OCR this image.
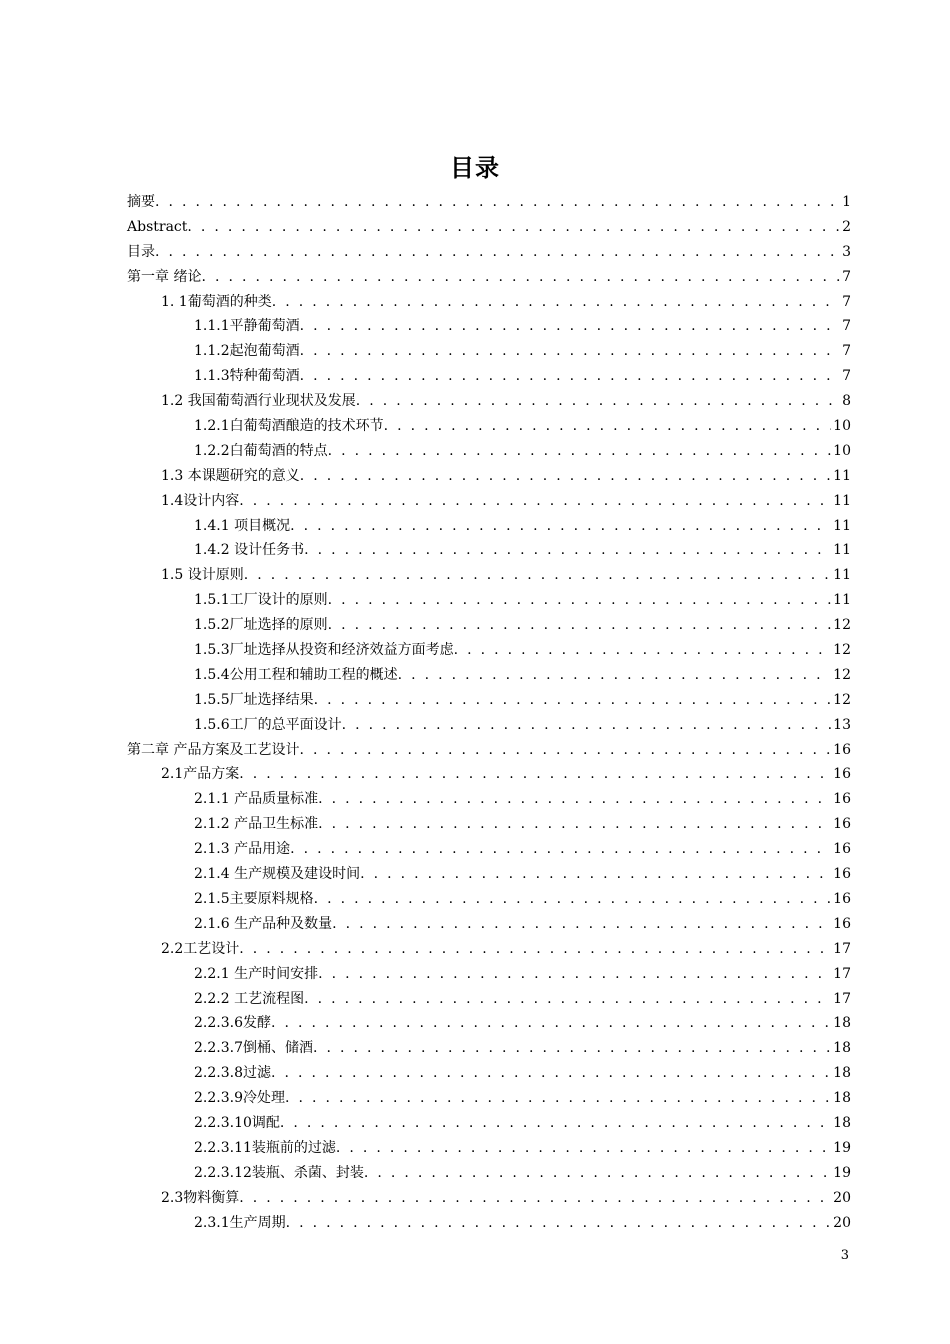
目录
摘要 . . .	1
Abstract . . .	2
目录 . . .	3
第一章 绪论 . . .	7
1. 1葡萄酒的种类 . . .	7
1.1.1平静葡萄酒 . . .	7
1.1.2起泡葡萄酒 . . .	7
1.1.3特种葡萄酒 . . .	7
1.2 我国葡萄酒行业现状及发展 . . .	8
1.2.1白葡萄酒酿造的技术环节 . . .	10
1.2.2白葡萄酒的特点 . . .	10
1.3 本课题研究的意义 . . .	11
1.4设计内容 . . .	11
1.4.1 项目概况 . . .	11
1.4.2 设计任务书 . . .	11
1.5 设计原则 . . .	11
1.5.1工厂设计的原则 . . .	11
1.5.2厂址选择的原则 . . .	12
1.5.3厂址选择从投资和经济效益方面考虑 . . .	12
1.5.4公用工程和辅助工程的概述 . . .	12
1.5.5厂址选择结果 . . .	12
1.5.6工厂的总平面设计 . . .	13
第二章 产品方案及工艺设计 . . .	16
2.1产品方案 . . .	16
2.1.1 产品质量标准 . . .	16
2.1.2 产品卫生标准 . . .	16
2.1.3 产品用途 . . .	16
2.1.4 生产规模及建设时间 . . .	16
2.1.5主要原料规格 . . .	16
2.1.6 生产品种及数量 . . .	16
2.2工艺设计 . . .	17
2.2.1 生产时间安排 . . .	17
2.2.2 工艺流程图 . . .	17
2.2.3.6发酵 . . .	18
2.2.3.7倒桶、储酒 . . .	18
2.2.3.8过滤 . . .	18
2.2.3.9冷处理 . . .	18
2.2.3.10调配 . . .	18
2.2.3.11装瓶前的过滤 . . .	19
2.2.3.12装瓶、杀菌、封装 . . .	19
2.3物料衡算 . . .	20
2.3.1生产周期 . . .	20
3
